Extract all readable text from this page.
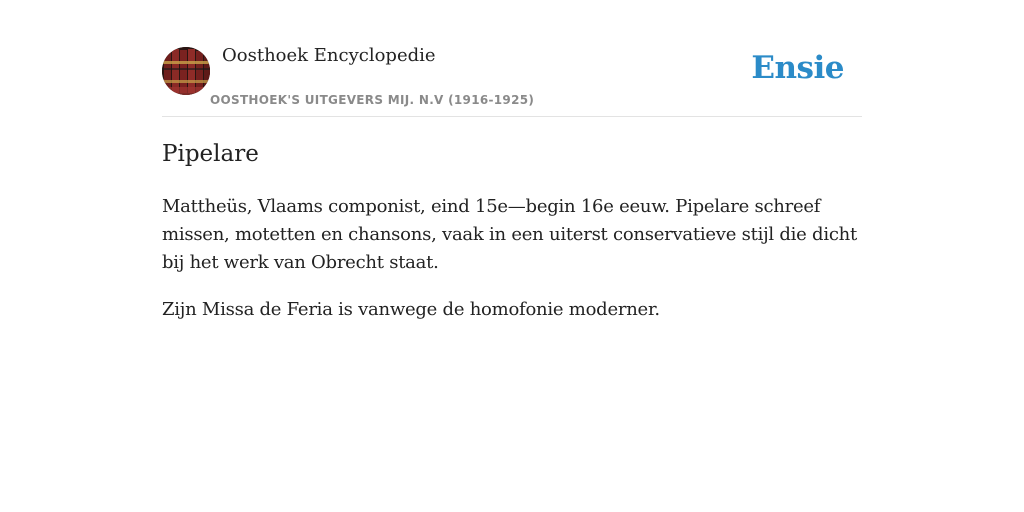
Oosthoek Encyclopedie
OOSTHOEK'S UITGEVERS MIJ. N.V (1916-1925)
Ensie
Pipelare

Mattheüs, Vlaams componist, eind 15e—begin 16e eeuw. Pipelare schreef missen, motetten en chansons, vaak in een uiterst conservatieve stijl die dicht bij het werk van Obrecht staat.

Zijn Missa de Feria is vanwege de homofonie moderner.
